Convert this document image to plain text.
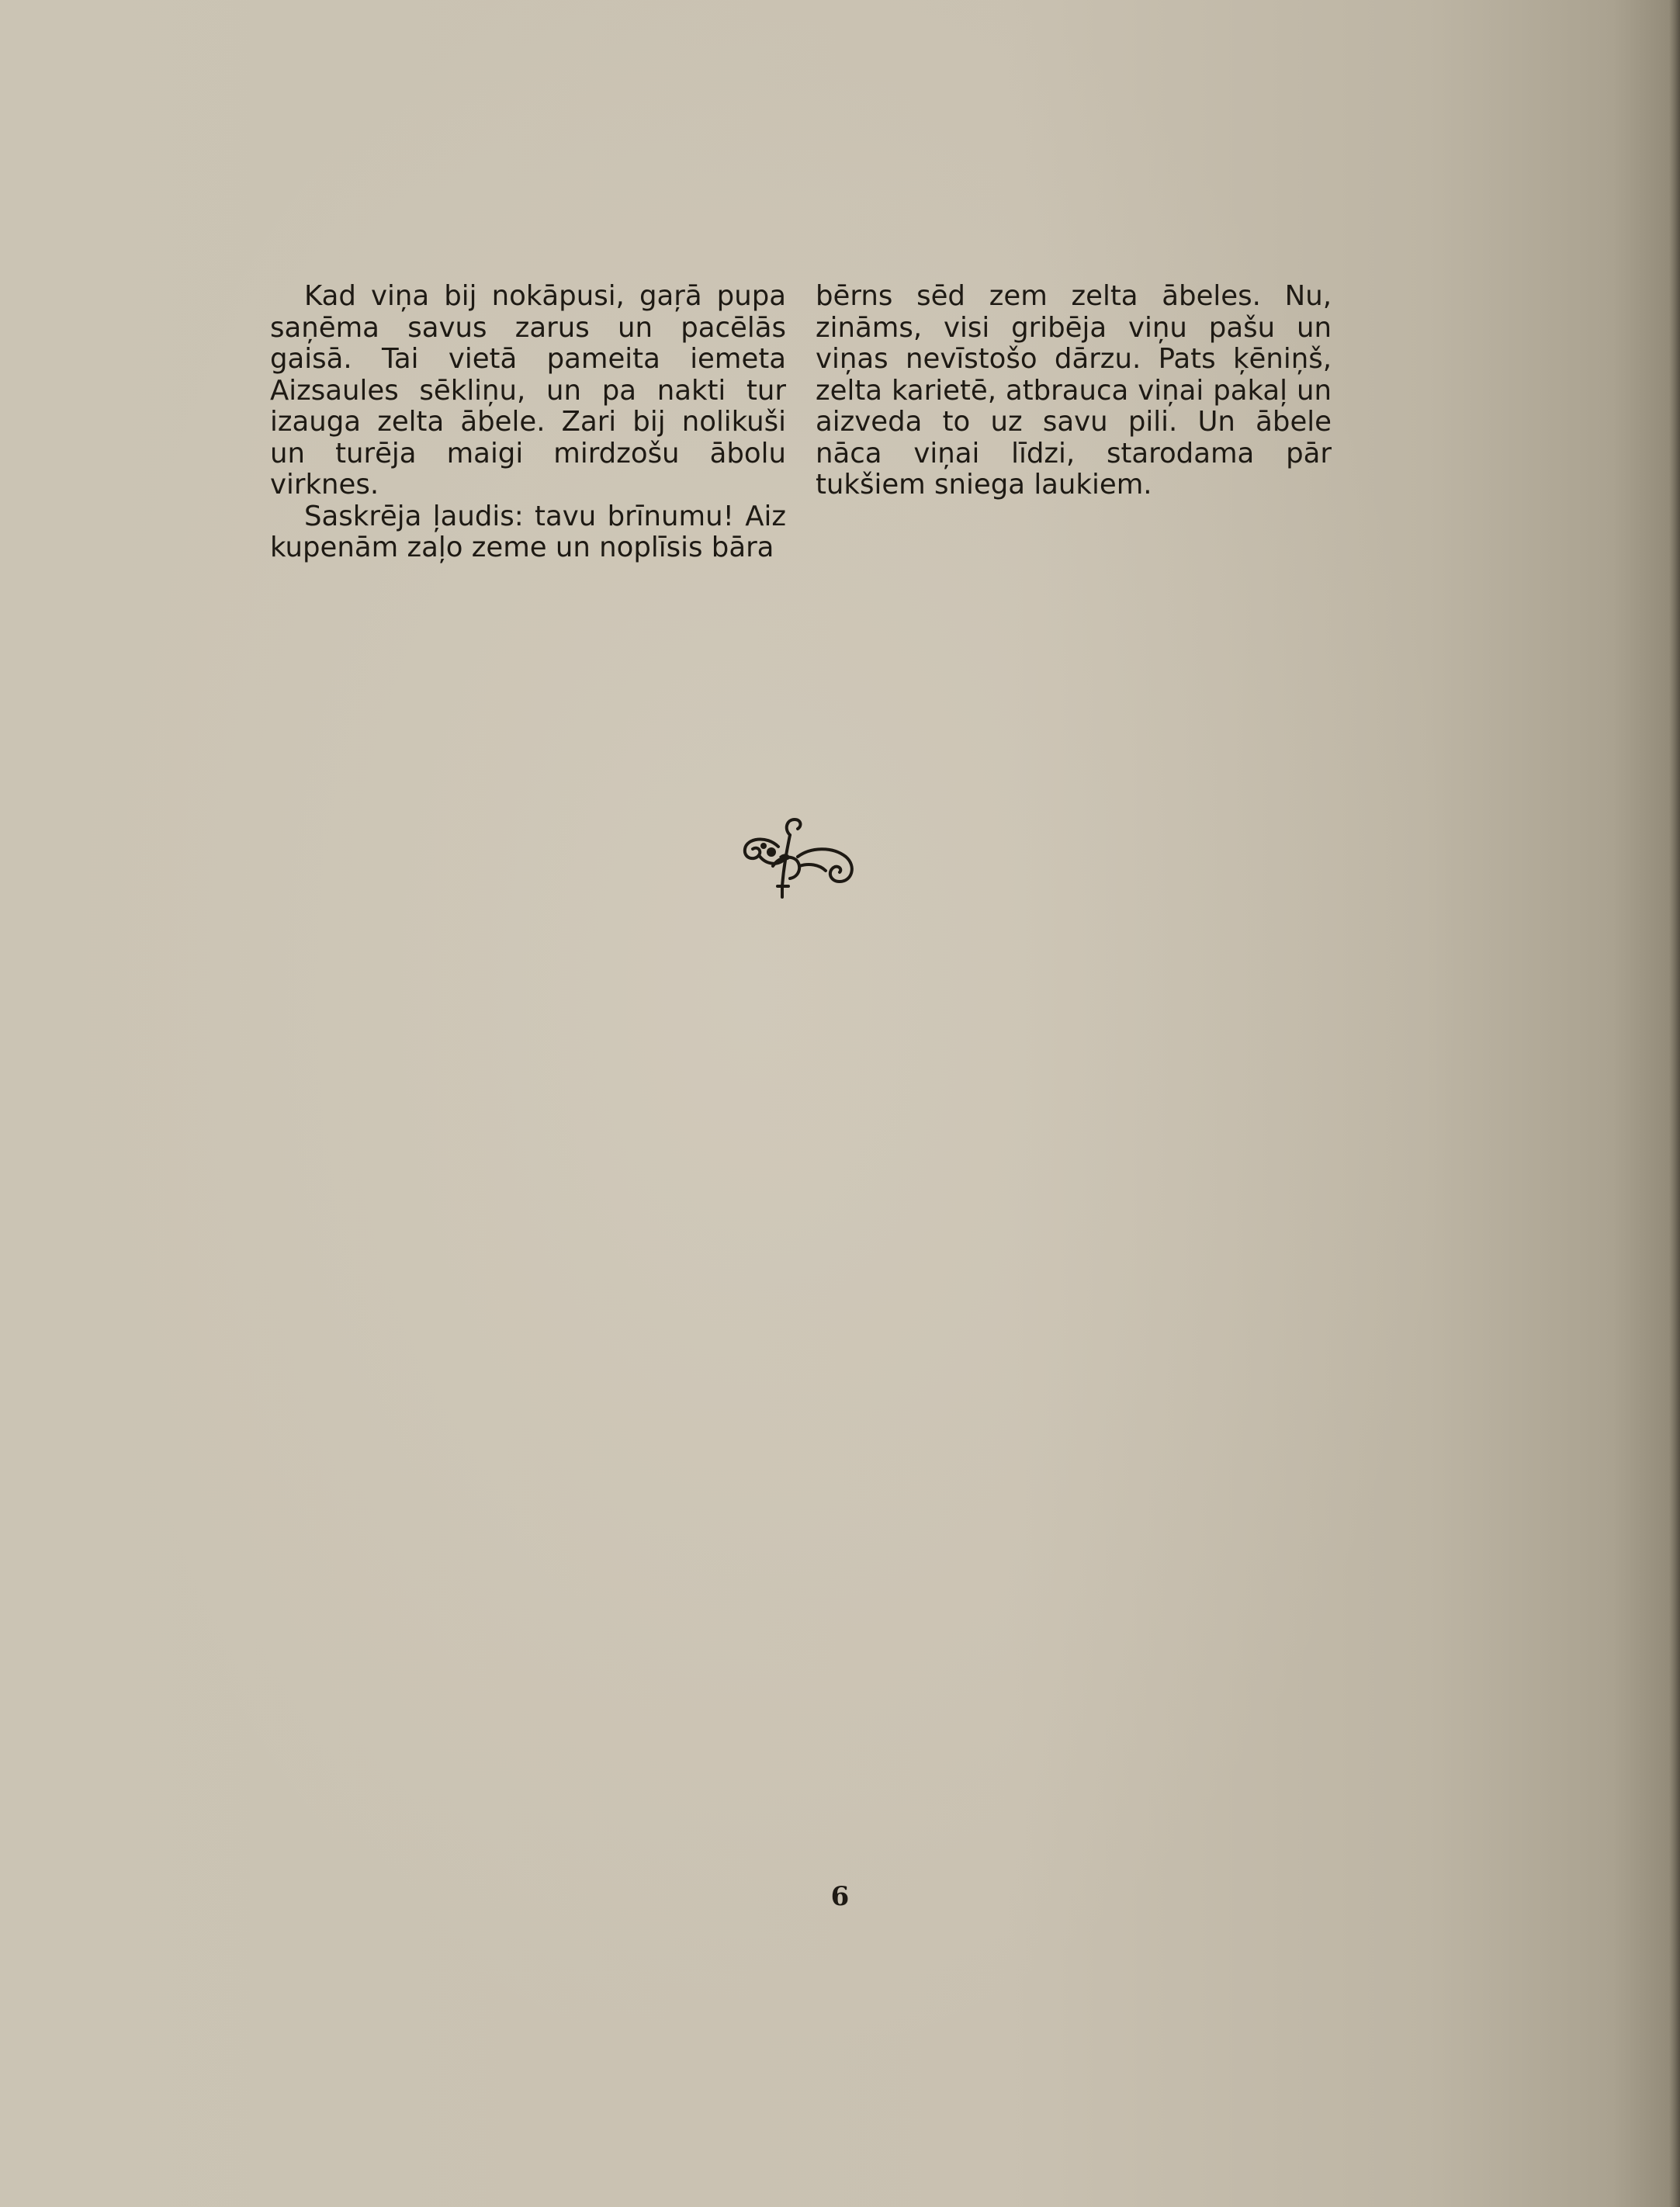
Kad viņa bij nokāpusi, gaŗā pupa saņēma savus zarus un pacēlās gaisā. Tai vietā pameita iemeta Aizsaules sēkliņu, un pa nakti tur izauga zelta ābele. Zari bij nolikuši un turēja maigi mirdzošu ābolu virknes.

Saskrēja ļaudis: tavu brīnumu! Aiz kupenām zaļo zeme un noplīsis bāra

bērns sēd zem zelta ābeles. Nu, zināms, visi gribēja viņu pašu un viņas nevīstošo dārzu. Pats ķēniņš, zelta karietē, atbrauca viņai pakaļ un aizveda to uz savu pili. Un ābele nāca viņai līdzi, starodama pār tukšiem sniega laukiem.

6
